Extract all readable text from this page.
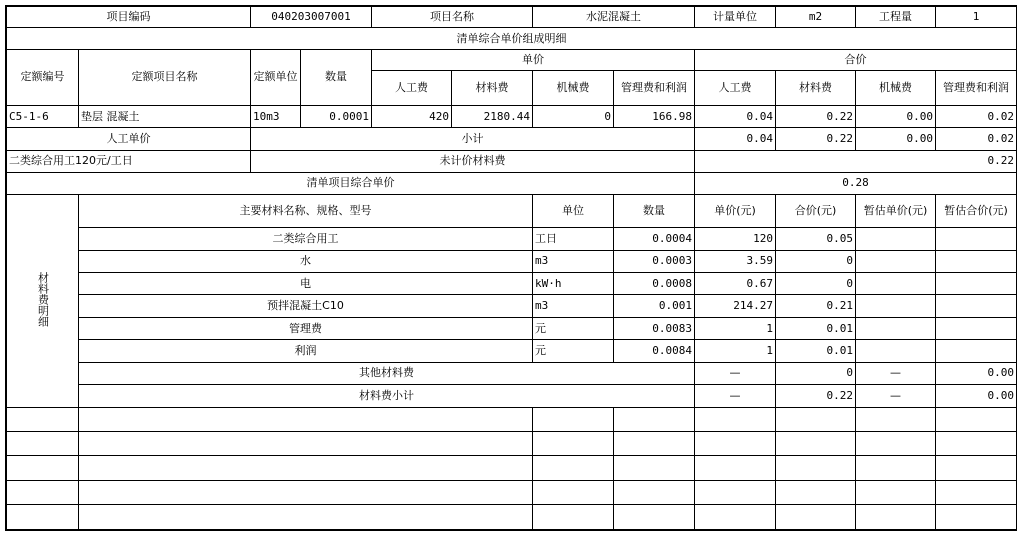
项目编码		040203007001		项目名称		水泥混凝土		计量单位	m2	工程量	1
清单综合单价组成明细											
定额编号	定额项目名称	定额单位	数量	单价				合价			
				人工费	材料费	机械费	管理费和利润	人工费	材料费	机械费	管理费和利润
C5-1-6	垫层 混凝土	10m3	0.0001	420	2180.44	0	166.98	0.04	0.22	0.00	0.02
人工单价		小计						0.04	0.22	0.00	0.02
二类综合用工120元/工日		未计价材料费						0.22			
清单项目综合单价								0.28			
材料费明细	主要材料名称、规格、型号					单位	数量	单价(元)	合价(元)	暂估单价(元)	暂估合价(元)
	二类综合用工					工日	0.0004	120	0.05		
	水					m3	0.0003	3.59	0		
	电					kW·h	0.0008	0.67	0		
	预拌混凝土C10					m3	0.001	214.27	0.21		
	管理费					元	0.0083	1	0.01		
	利润					元	0.0084	1	0.01		
	其他材料费							—	0	—	0.00
	材料费小计							—	0.22	—	0.00
